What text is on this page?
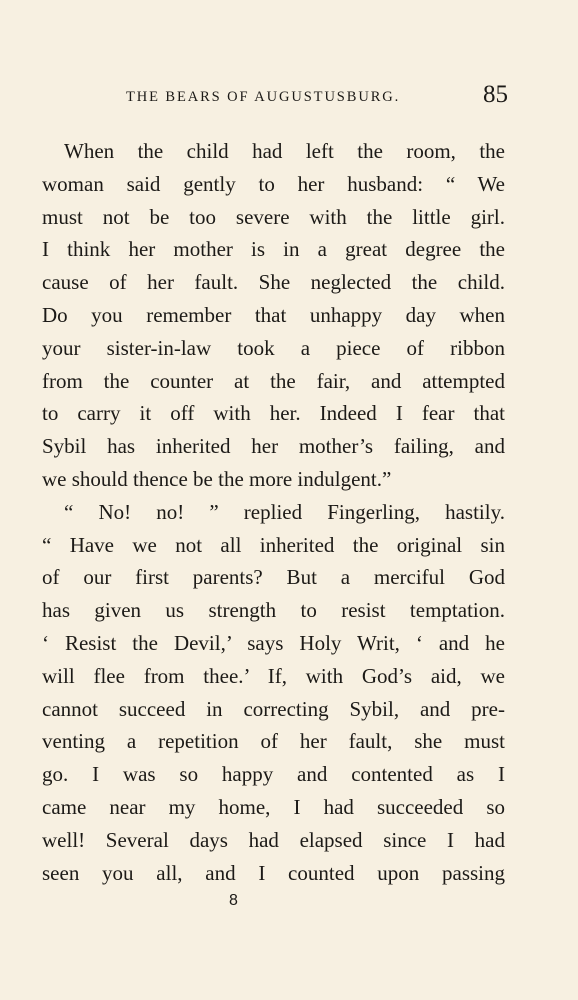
THE BEARS OF AUGUSTUSBURG.	85
When the child had left the room, the
woman said gently to her husband: “ We
must not be too severe with the little girl.
I think her mother is in a great degree the
cause of her fault. She neglected the child.
Do you remember that unhappy day when
your sister-in-law took a piece of ribbon
from the counter at the fair, and attempted
to carry it off with her. Indeed I fear that
Sybil has inherited her mother’s failing, and
we should thence be the more indulgent.”
“ No! no! ” replied Fingerling, hastily.
“ Have we not all inherited the original sin
of our first parents? But a merciful God
has given us strength to resist temptation.
‘ Resist the Devil,’ says Holy Writ, ‘ and he
will flee from thee.’ If, with God’s aid, we
cannot succeed in correcting Sybil, and pre-
venting a repetition of her fault, she must
go. I was so happy and contented as I
came near my home, I had succeeded so
well! Several days had elapsed since I had
seen you all, and I counted upon passing
8
